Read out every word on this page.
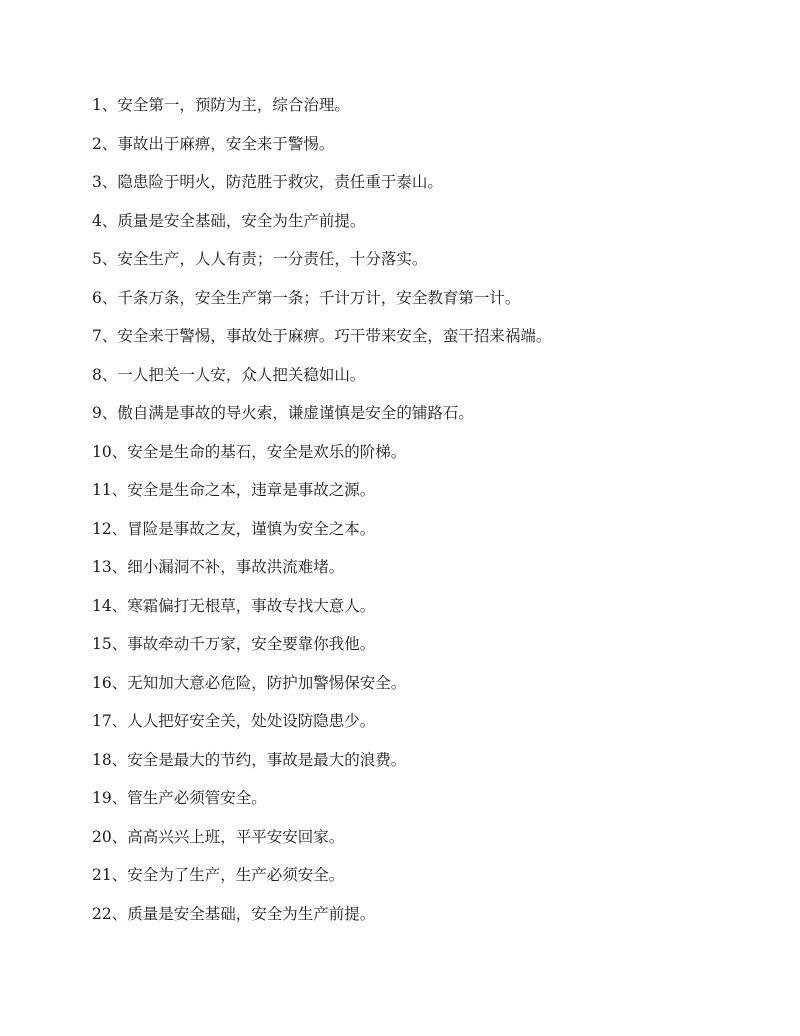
1、安全第一，预防为主，综合治理。
2、事故出于麻痹，安全来于警惕。
3、隐患险于明火，防范胜于救灾，责任重于泰山。
4、质量是安全基础，安全为生产前提。
5、安全生产，人人有责；一分责任，十分落实。
6、千条万条，安全生产第一条；千计万计，安全教育第一计。
7、安全来于警惕，事故处于麻痹。巧干带来安全，蛮干招来祸端。
8、一人把关一人安，众人把关稳如山。
9、傲自满是事故的导火索，谦虚谨慎是安全的铺路石。
10、安全是生命的基石，安全是欢乐的阶梯。
11、安全是生命之本，违章是事故之源。
12、冒险是事故之友，谨慎为安全之本。
13、细小漏洞不补，事故洪流难堵。
14、寒霜偏打无根草，事故专找大意人。
15、事故牵动千万家，安全要靠你我他。
16、无知加大意必危险，防护加警惕保安全。
17、人人把好安全关，处处设防隐患少。
18、安全是最大的节约，事故是最大的浪费。
19、管生产必须管安全。
20、高高兴兴上班，平平安安回家。
21、安全为了生产，生产必须安全。
22、质量是安全基础，安全为生产前提。
